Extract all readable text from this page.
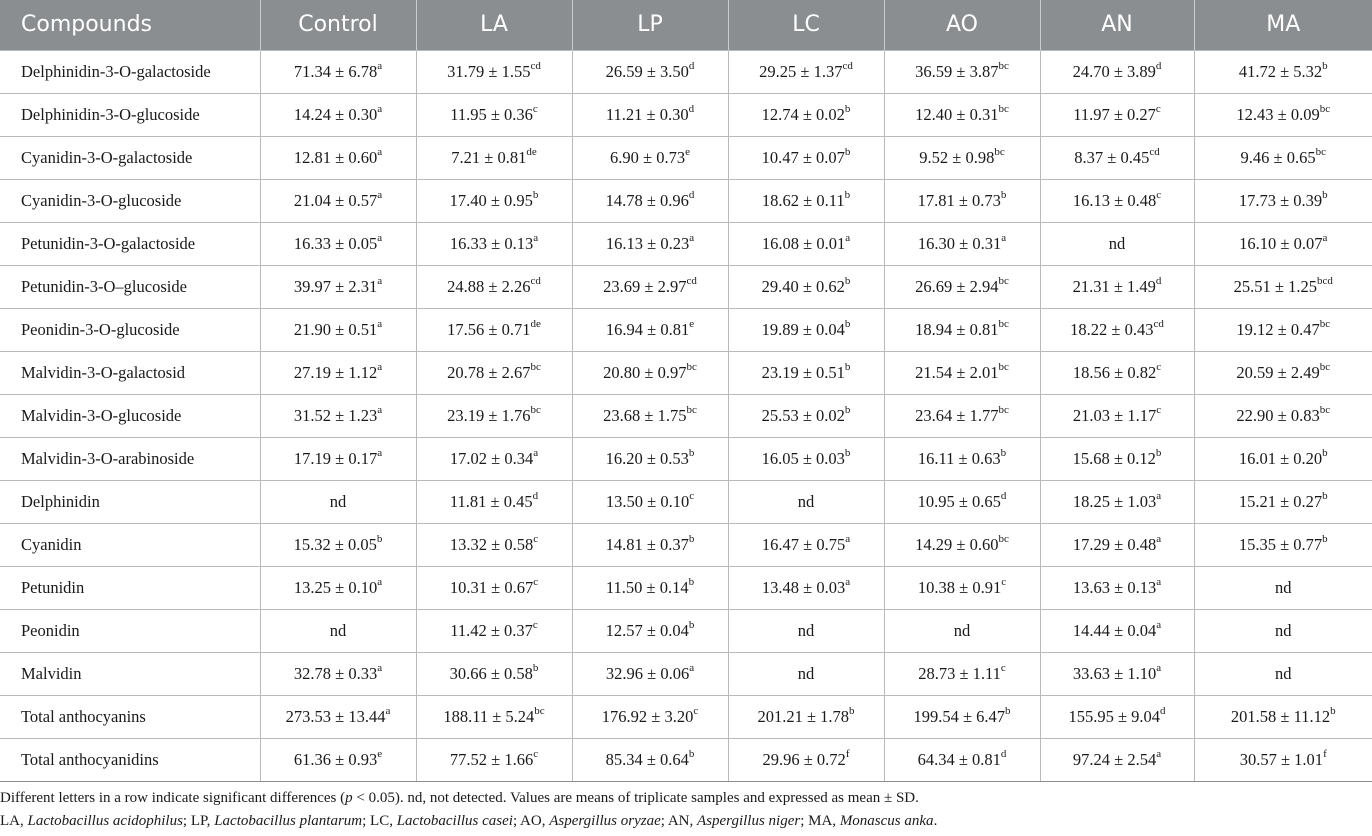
Compounds	Control	LA	LP	LC	AO	AN	MA
Delphinidin-3-O-galactoside	71.34 ± 6.78$^a$	31.79 ± 1.55$^{cd}$	26.59 ± 3.50$^d$	29.25 ± 1.37$^{cd}$	36.59 ± 3.87$^{bc}$	24.70 ± 3.89$^d$	41.72 ± 5.32$^b$
Delphinidin-3-O-glucoside	14.24 ± 0.30$^a$	11.95 ± 0.36$^c$	11.21 ± 0.30$^d$	12.74 ± 0.02$^b$	12.40 ± 0.31$^{bc}$	11.97 ± 0.27$^c$	12.43 ± 0.09$^{bc}$
Cyanidin-3-O-galactoside	12.81 ± 0.60$^a$	7.21 ± 0.81de	6.90 ± 0.73$^e$	10.47 ± 0.07$^b$	9.52 ± 0.98$^{bc}$	8.37 ± 0.45$^{cd}$	9.46 ± 0.65$^{bc}$
Cyanidin-3-O-glucoside	21.04 ± 0.57$^a$	17.40 ± 0.95$^b$	14.78 ± 0.96$^d$	18.62 ± 0.11$^b$	17.81 ± 0.73$^b$	16.13 ± 0.48$^c$	17.73 ± 0.39$^b$
Petunidin-3-O-galactoside	16.33 ± 0.05$^a$	16.33 ± 0.13$^a$	16.13 ± 0.23$^a$	16.08 ± 0.01$^a$	16.30 ± 0.31$^a$	nd	16.10 ± 0.07$^a$
Petunidin-3-O–glucoside	39.97 ± 2.31$^a$	24.88 ± 2.26$^{cd}$	23.69 ± 2.97$^{cd}$	29.40 ± 0.62$^b$	26.69 ± 2.94$^{bc}$	21.31 ± 1.49$^d$	25.51 ± 1.25$^{bcd}$
Peonidin-3-O-glucoside	21.90 ± 0.51$^a$	17.56 ± 0.71de	16.94 ± 0.81$^e$	19.89 ± 0.04$^b$	18.94 ± 0.81$^{bc}$	18.22 ± 0.43$^{cd}$	19.12 ± 0.47$^{bc}$
Malvidin-3-O-galactosid	27.19 ± 1.12$^a$	20.78 ± 2.67$^{bc}$	20.80 ± 0.97$^{bc}$	23.19 ± 0.51$^b$	21.54 ± 2.01$^{bc}$	18.56 ± 0.82$^c$	20.59 ± 2.49$^{bc}$
Malvidin-3-O-glucoside	31.52 ± 1.23$^a$	23.19 ± 1.76$^{bc}$	23.68 ± 1.75$^{bc}$	25.53 ± 0.02$^b$	23.64 ± 1.77$^{bc}$	21.03 ± 1.17$^c$	22.90 ± 0.83$^{bc}$
Malvidin-3-O-arabinoside	17.19 ± 0.17$^a$	17.02 ± 0.34$^a$	16.20 ± 0.53$^b$	16.05 ± 0.03$^b$	16.11 ± 0.63$^b$	15.68 ± 0.12$^b$	16.01 ± 0.20$^b$
Delphinidin	nd	11.81 ± 0.45$^d$	13.50 ± 0.10$^c$	nd	10.95 ± 0.65$^d$	18.25 ± 1.03$^a$	15.21 ± 0.27$^b$
Cyanidin	15.32 ± 0.05$^b$	13.32 ± 0.58$^c$	14.81 ± 0.37$^b$	16.47 ± 0.75$^a$	14.29 ± 0.60$^{bc}$	17.29 ± 0.48$^a$	15.35 ± 0.77$^b$
Petunidin	13.25 ± 0.10$^a$	10.31 ± 0.67$^c$	11.50 ± 0.14$^b$	13.48 ± 0.03$^a$	10.38 ± 0.91$^c$	13.63 ± 0.13$^a$	nd
Peonidin	nd	11.42 ± 0.37$^c$	12.57 ± 0.04$^b$	nd	nd	14.44 ± 0.04$^a$	nd
Malvidin	32.78 ± 0.33$^a$	30.66 ± 0.58$^b$	32.96 ± 0.06$^a$	nd	28.73 ± 1.11$^c$	33.63 ± 1.10$^a$	nd
Total anthocyanins	273.53 ± 13.44$^a$	188.11 ± 5.24$^{bc}$	176.92 ± 3.20$^c$	201.21 ± 1.78$^b$	199.54 ± 6.47$^b$	155.95 ± 9.04$^d$	201.58 ± 11.12$^b$
Total anthocyanidins	61.36 ± 0.93$^e$	77.52 ± 1.66$^c$	85.34 ± 0.64$^b$	29.96 ± 0.72$^f$	64.34 ± 0.81$^d$	97.24 ± 2.54$^a$	30.57 ± 1.01$^f$
Different letters in a row indicate significant differences (p < 0.05). nd, not detected. Values are means of triplicate samples and expressed as mean ± SD.
LA, Lactobacillus acidophilus; LP, Lactobacillus plantarum; LC, Lactobacillus casei; AO, Aspergillus oryzae; AN, Aspergillus niger; MA, Monascus anka.
